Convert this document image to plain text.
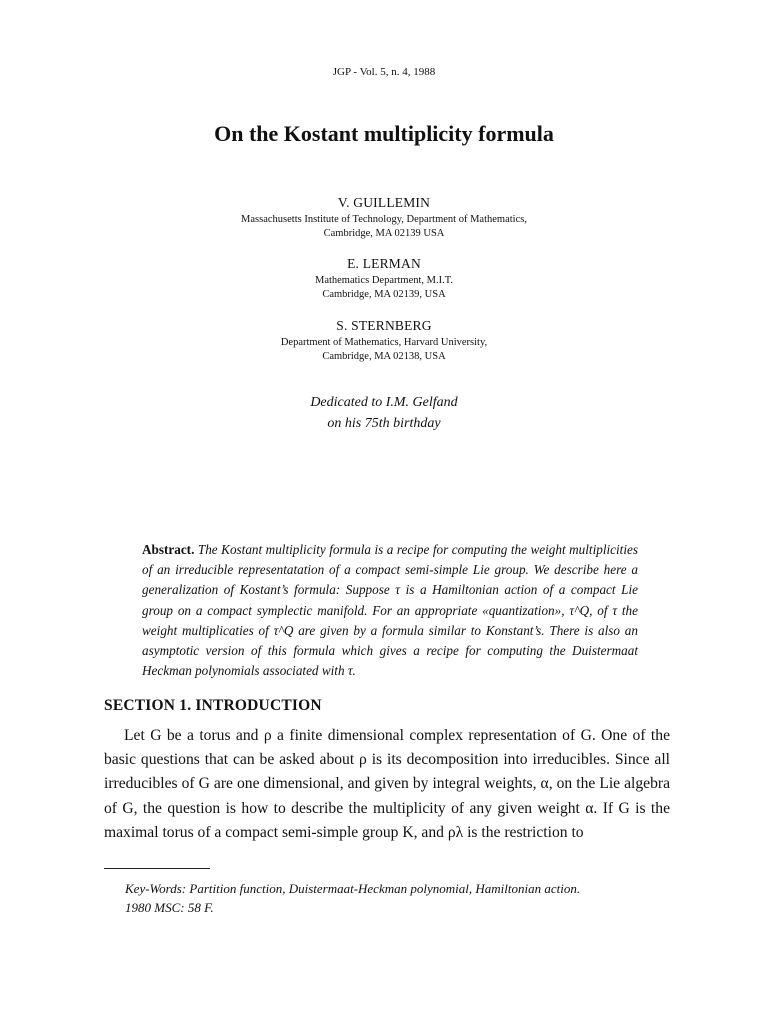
JGP - Vol. 5, n. 4, 1988
On the Kostant multiplicity formula
V. GUILLEMIN
Massachusetts Institute of Technology, Department of Mathematics,
Cambridge, MA 02139 USA
E. LERMAN
Mathematics Department, M.I.T.
Cambridge, MA 02139, USA
S. STERNBERG
Department of Mathematics, Harvard University,
Cambridge, MA 02138, USA
Dedicated to I.M. Gelfand
on his 75th birthday
Abstract. The Kostant multiplicity formula is a recipe for computing the weight multiplicities of an irreducible representatation of a compact semi-simple Lie group. We describe here a generalization of Kostant’s formula: Suppose τ is a Hamiltonian action of a compact Lie group on a compact symplectic manifold. For an appropriate «quantization», τ^Q, of τ the weight multiplicaties of τ^Q are given by a formula similar to Konstant’s. There is also an asymptotic version of this formula which gives a recipe for computing the Duistermaat Heckman polynomials associated with τ.
SECTION 1. INTRODUCTION
Let G be a torus and ρ a finite dimensional complex representation of G. One of the basic questions that can be asked about ρ is its decomposition into irreducibles. Since all irreducibles of G are one dimensional, and given by integral weights, α, on the Lie algebra of G, the question is how to describe the multiplicity of any given weight α. If G is the maximal torus of a compact semi-simple group K, and ρλ is the restriction to
Key-Words: Partition function, Duistermaat-Heckman polynomial, Hamiltonian action.
1980 MSC: 58 F.
